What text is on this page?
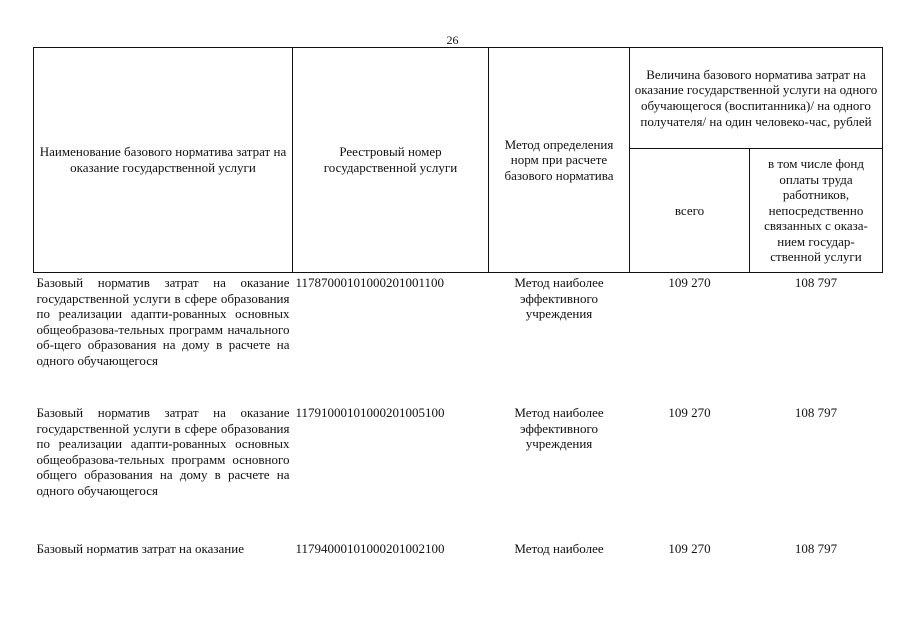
26
Наименование базового норматива затрат на оказание государственной услуги	Реестровый номер государственной услуги	Метод определения норм при расчете базового норматива	Величина базового норматива затрат на оказание государственной услуги на одного обучающегося (воспитанника)/ на одного получателя/ на один человеко-час, рублей	
			всего	в том числе фонд оплаты труда работников, непосредственно связанных с оказа-нием государ-ственной услуги
Базовый норматив затрат на оказание государственной услуги в сфере образования по реализации адапти-рованных основных общеобразова-тельных программ начального об-щего образования на дому в расчете на одного обучающегося	11787000101000201001100	Метод наиболее эффективного учреждения	109 270	108 797
Базовый норматив затрат на оказание государственной услуги в сфере образования по реализации адапти-рованных основных общеобразова-тельных программ основного общего образования на дому в расчете на одного обучающегося	11791000101000201005100	Метод наиболее эффективного учреждения	109 270	108 797
Базовый норматив затрат на оказание	11794000101000201002100	Метод наиболее	109 270	108 797
